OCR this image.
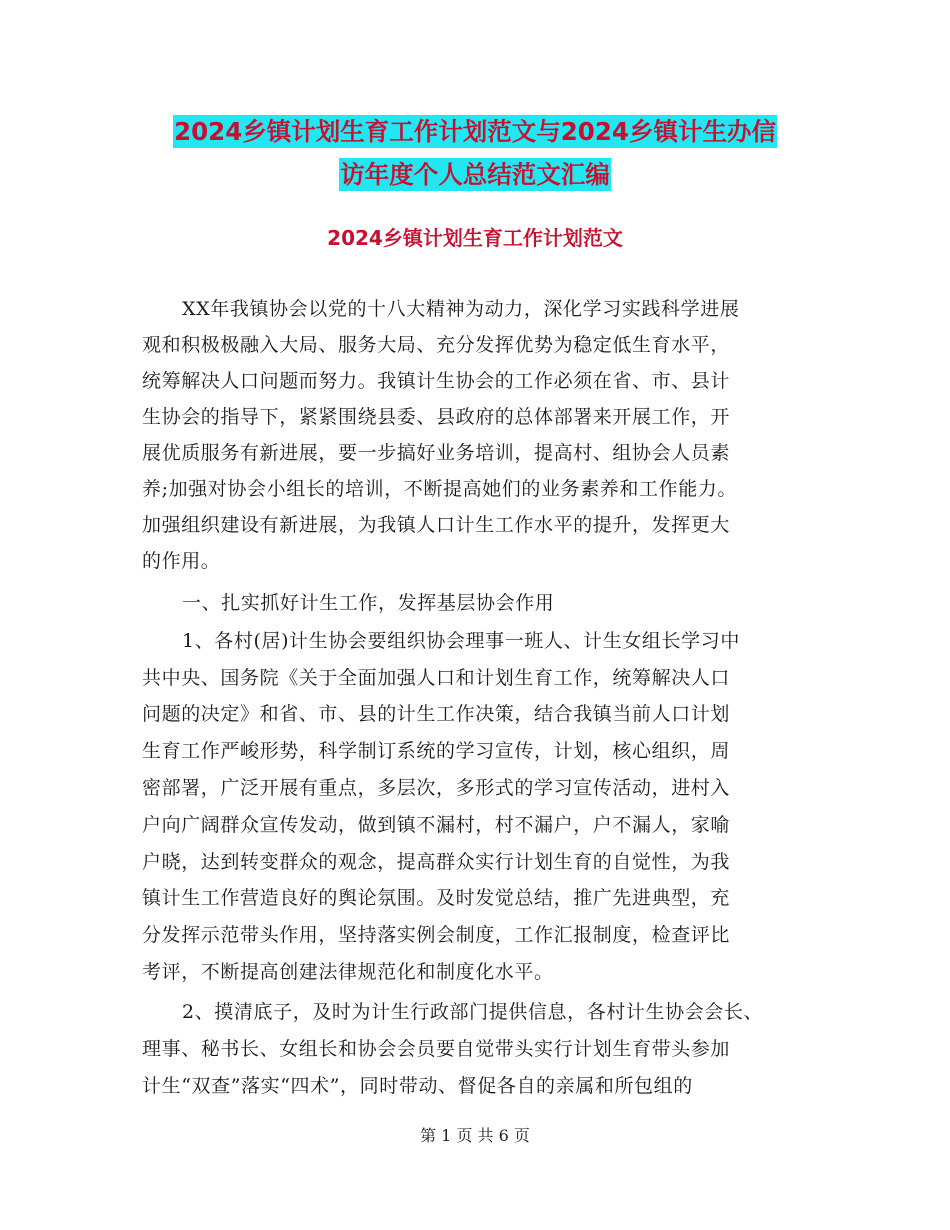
2024乡镇计划生育工作计划范文与2024乡镇计生办信
访年度个人总结范文汇编
2024乡镇计划生育工作计划范文
XX年我镇协会以党的十八大精神为动力，深化学习实践科学进展
观和积极极融入大局、服务大局、充分发挥优势为稳定低生育水平，
统筹解决人口问题而努力。我镇计生协会的工作必须在省、市、县计
生协会的指导下，紧紧围绕县委、县政府的总体部署来开展工作，开
展优质服务有新进展，要一步搞好业务培训，提高村、组协会人员素
养;加强对协会小组长的培训，不断提高她们的业务素养和工作能力。
加强组织建设有新进展，为我镇人口计生工作水平的提升，发挥更大
的作用。
一、扎实抓好计生工作，发挥基层协会作用
1、各村(居)计生协会要组织协会理事一班人、计生女组长学习中
共中央、国务院《关于全面加强人口和计划生育工作，统筹解决人口
问题的决定》和省、市、县的计生工作决策，结合我镇当前人口计划
生育工作严峻形势，科学制订系统的学习宣传，计划，核心组织，周
密部署，广泛开展有重点，多层次，多形式的学习宣传活动，进村入
户向广阔群众宣传发动，做到镇不漏村，村不漏户，户不漏人，家喻
户晓，达到转变群众的观念，提高群众实行计划生育的自觉性，为我
镇计生工作营造良好的舆论氛围。及时发觉总结，推广先进典型，充
分发挥示范带头作用，坚持落实例会制度，工作汇报制度，检查评比
考评，不断提高创建法律规范化和制度化水平。
2、摸清底子，及时为计生行政部门提供信息，各村计生协会会长、
理事、秘书长、女组长和协会会员要自觉带头实行计划生育带头参加
计生“双查”落实“四术”，同时带动、督促各自的亲属和所包组的
第 1 页 共 6 页
